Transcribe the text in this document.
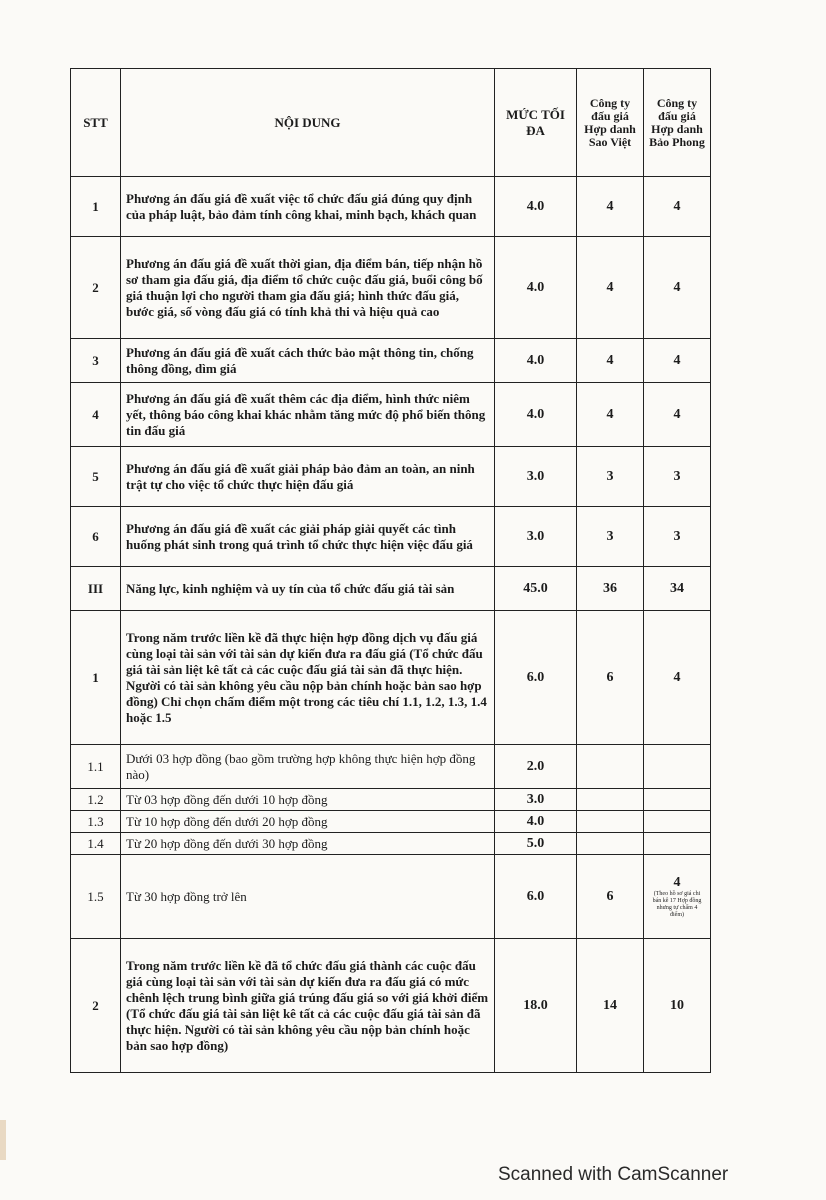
STT	NỘI DUNG	MỨC TỐI ĐA	Công ty đấu giá Hợp danh Sao Việt	Công ty đấu giá Hợp danh Bảo Phong
1	Phương án đấu giá đề xuất việc tổ chức đấu giá đúng quy định của pháp luật, bảo đảm tính công khai, minh bạch, khách quan	4.0	4	4
2	Phương án đấu giá đề xuất thời gian, địa điểm bán, tiếp nhận hồ sơ tham gia đấu giá, địa điểm tổ chức cuộc đấu giá, buổi công bố giá thuận lợi cho người tham gia đấu giá; hình thức đấu giá, bước giá, số vòng đấu giá có tính khả thi và hiệu quả cao	4.0	4	4
3	Phương án đấu giá đề xuất cách thức bảo mật thông tin, chống thông đồng, dìm giá	4.0	4	4
4	Phương án đấu giá đề xuất thêm các địa điểm, hình thức niêm yết, thông báo công khai khác nhằm tăng mức độ phổ biến thông tin đấu giá	4.0	4	4
5	Phương án đấu giá đề xuất giải pháp bảo đảm an toàn, an ninh trật tự cho việc tổ chức thực hiện đấu giá	3.0	3	3
6	Phương án đấu giá đề xuất các giải pháp giải quyết các tình huống phát sinh trong quá trình tổ chức thực hiện việc đấu giá	3.0	3	3
III	Năng lực, kinh nghiệm và uy tín của tổ chức đấu giá tài sản	45.0	36	34
1	Trong năm trước liền kề đã thực hiện hợp đồng dịch vụ đấu giá cùng loại tài sản với tài sản dự kiến đưa ra đấu giá (Tổ chức đấu giá tài sản liệt kê tất cả các cuộc đấu giá tài sản đã thực hiện. Người có tài sản không yêu cầu nộp bản chính hoặc bản sao hợp đồng) Chỉ chọn chấm điểm một trong các tiêu chí 1.1, 1.2, 1.3, 1.4 hoặc 1.5	6.0	6	4
1.1	Dưới 03 hợp đồng (bao gồm trường hợp không thực hiện hợp đồng nào)	2.0		
1.2	Từ 03 hợp đồng đến dưới 10 hợp đồng	3.0		
1.3	Từ 10 hợp đồng đến dưới 20 hợp đồng	4.0		
1.4	Từ 20 hợp đồng đến dưới 30 hợp đồng	5.0		
1.5	Từ 30 hợp đồng trở lên	6.0	6	4
(Theo hồ sơ giá chi bán kê 17 Hợp đồng nhưng tự chấm 4 điểm)

2	Trong năm trước liền kề đã tổ chức đấu giá thành các cuộc đấu giá cùng loại tài sản với tài sản dự kiến đưa ra đấu giá có mức chênh lệch trung bình giữa giá trúng đấu giá so với giá khởi điểm (Tổ chức đấu giá tài sản liệt kê tất cả các cuộc đấu giá tài sản đã thực hiện. Người có tài sản không yêu cầu nộp bản chính hoặc bản sao hợp đồng)	18.0	14	10
Scanned with CamScanner
